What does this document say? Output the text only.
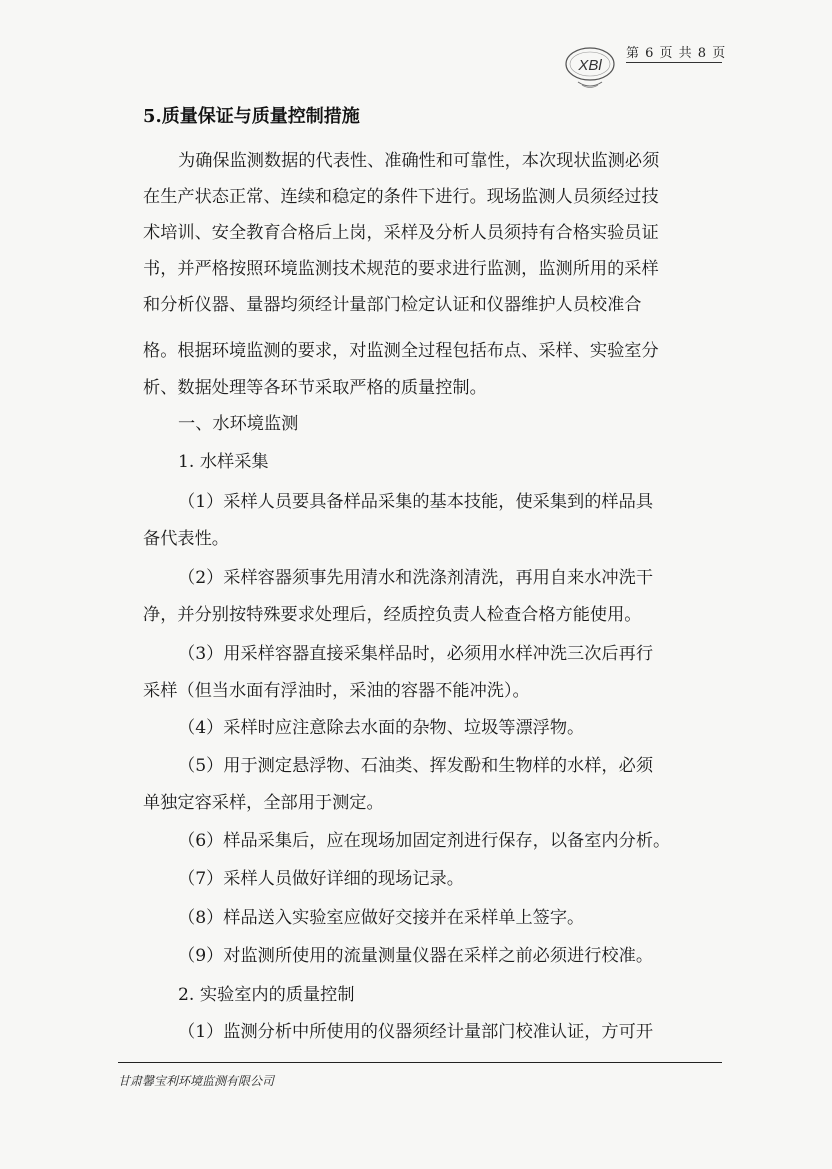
第 6 页 共 8 页
XBl
5.质量保证与质量控制措施
为确保监测数据的代表性、准确性和可靠性，本次现状监测必须
在生产状态正常、连续和稳定的条件下进行。现场监测人员须经过技
术培训、安全教育合格后上岗，采样及分析人员须持有合格实验员证
书，并严格按照环境监测技术规范的要求进行监测，监测所用的采样
和分析仪器、量器均须经计量部门检定认证和仪器维护人员校准合
格。根据环境监测的要求，对监测全过程包括布点、采样、实验室分
析、数据处理等各环节采取严格的质量控制。
一、水环境监测
1. 水样采集
（1）采样人员要具备样品采集的基本技能，使采集到的样品具
备代表性。
（2）采样容器须事先用清水和洗涤剂清洗，再用自来水冲洗干
净，并分别按特殊要求处理后，经质控负责人检查合格方能使用。
（3）用采样容器直接采集样品时，必须用水样冲洗三次后再行
采样（但当水面有浮油时，采油的容器不能冲洗）。
（4）采样时应注意除去水面的杂物、垃圾等漂浮物。
（5）用于测定悬浮物、石油类、挥发酚和生物样的水样，必须
单独定容采样，全部用于测定。
（6）样品采集后，应在现场加固定剂进行保存，以备室内分析。
（7）采样人员做好详细的现场记录。
（8）样品送入实验室应做好交接并在采样单上签字。
（9）对监测所使用的流量测量仪器在采样之前必须进行校准。
2. 实验室内的质量控制
（1）监测分析中所使用的仪器须经计量部门校准认证，方可开
甘肃馨宝利环境监测有限公司
